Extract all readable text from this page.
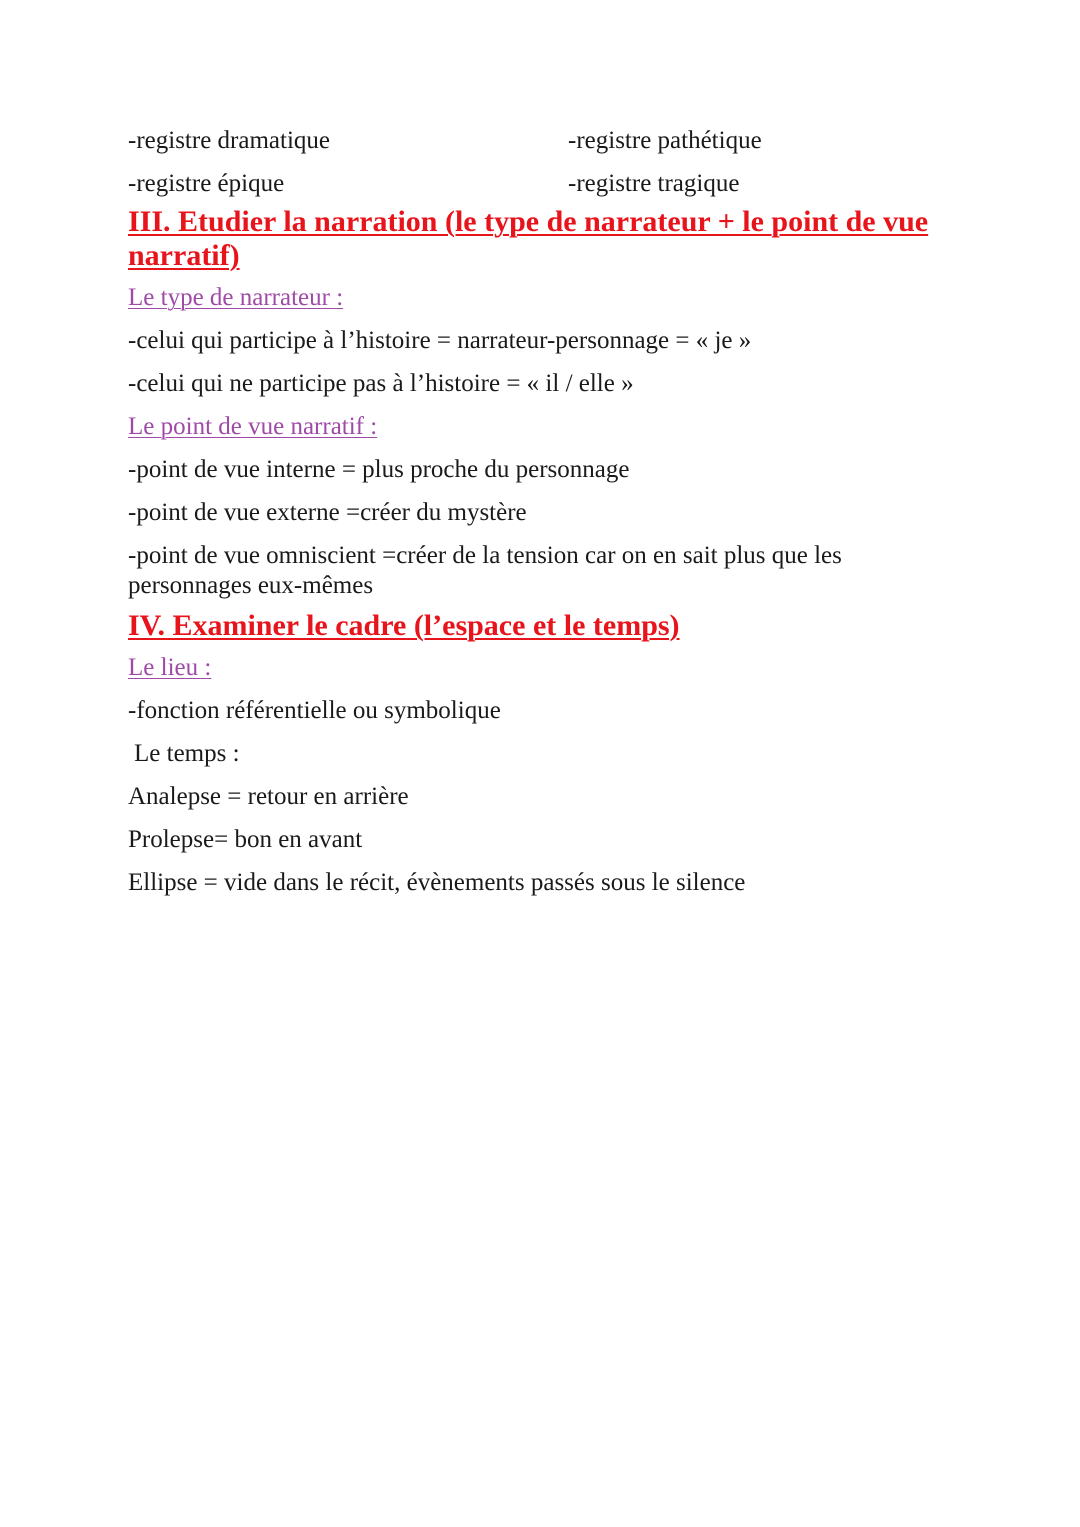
-registre dramatique	-registre pathétique

-registre épique	-registre tragique

III. Etudier la narration (le type de narrateur + le point de vue narratif)

Le type de narrateur :

-celui qui participe à l’histoire = narrateur-personnage = « je »

-celui qui ne participe pas à l’histoire = « il / elle »

Le point de vue narratif :

-point de vue interne = plus proche du personnage

-point de vue externe =créer du mystère

-point de vue omniscient =créer de la tension car on en sait plus que les personnages eux-mêmes

IV. Examiner le cadre (l’espace et le temps)

Le lieu :

-fonction référentielle ou symbolique

Le temps :

Analepse = retour en arrière

Prolepse= bon en avant

Ellipse = vide dans le récit, évènements passés sous le silence
